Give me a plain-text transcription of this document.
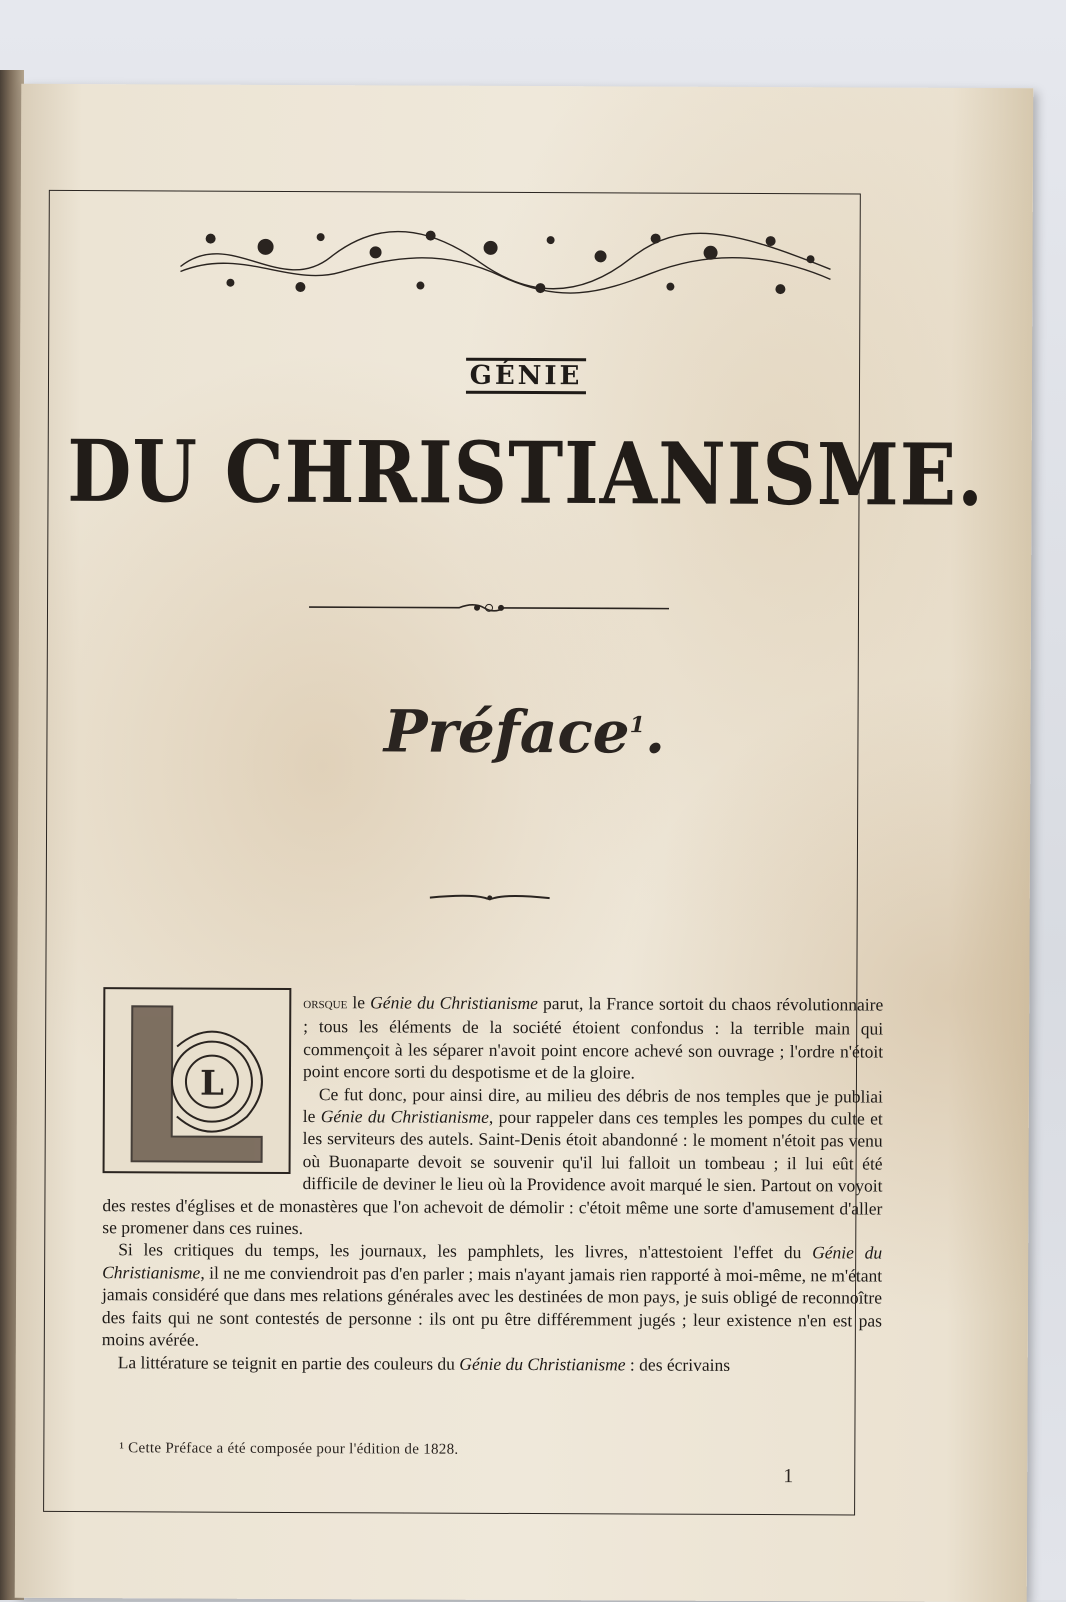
GÉNIE
DU CHRISTIANISME.
Préface$^1$.
L

orsque le Génie du Christianisme parut, la France sortoit du chaos révolutionnaire ; tous les éléments de la société étoient confondus : la terrible main qui commençoit à les séparer n'avoit point encore achevé son ouvrage ; l'ordre n'étoit point encore sorti du despotisme et de la gloire.

Ce fut donc, pour ainsi dire, au milieu des débris de nos temples que je publiai le Génie du Christianisme, pour rappeler dans ces temples les pompes du culte et les serviteurs des autels. Saint-Denis étoit abandonné : le moment n'étoit pas venu où Buonaparte devoit se souvenir qu'il lui falloit un tombeau ; il lui eût été difficile de deviner le lieu où la Providence avoit marqué le sien. Partout on voyoit des restes d'églises et de monastères que l'on achevoit de démolir : c'étoit même une sorte d'amusement d'aller se promener dans ces ruines.

Si les critiques du temps, les journaux, les pamphlets, les livres, n'attestoient l'effet du Génie du Christianisme, il ne me conviendroit pas d'en parler ; mais n'ayant jamais rien rapporté à moi-même, ne m'étant jamais considéré que dans mes relations générales avec les destinées de mon pays, je suis obligé de reconnoître des faits qui ne sont contestés de personne : ils ont pu être différemment jugés ; leur existence n'en est pas moins avérée.

La littérature se teignit en partie des couleurs du Génie du Christianisme : des écrivains

¹ Cette Préface a été composée pour l'édition de 1828.
1
